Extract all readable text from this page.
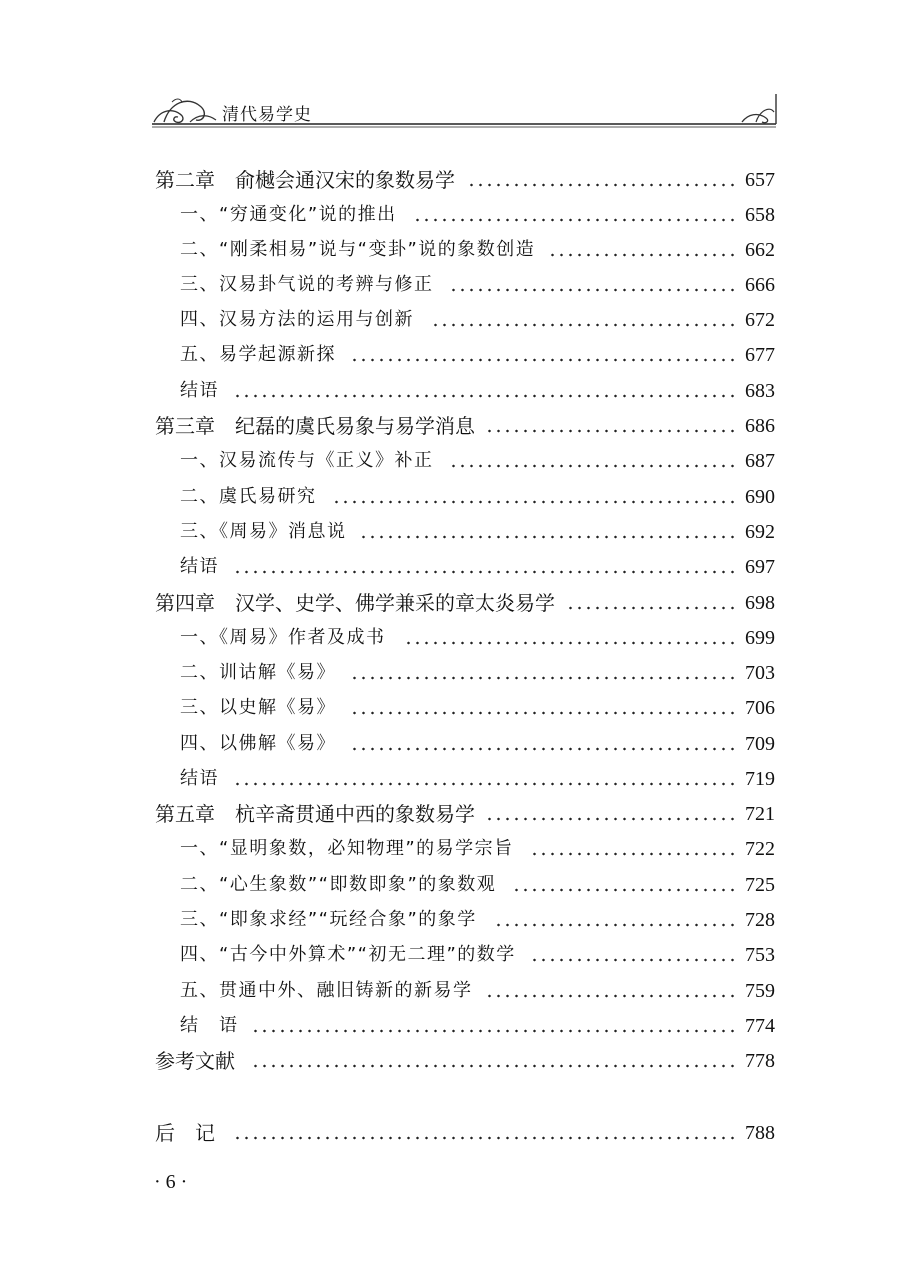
清代易学史
第二章　俞樾会通汉宋的象数易学	657
一、“穷通变化”说的推出	658
二、“刚柔相易”说与“变卦”说的象数创造	662
三、汉易卦气说的考辨与修正	666
四、汉易方法的运用与创新	672
五、易学起源新探	677
结语	683
第三章　纪磊的虞氏易象与易学消息	686
一、汉易流传与《正义》补正	687
二、虞氏易研究	690
三、《周易》消息说	692
结语	697
第四章　汉学、史学、佛学兼采的章太炎易学	698
一、《周易》作者及成书	699
二、训诂解《易》	703
三、以史解《易》	706
四、以佛解《易》	709
结语	719
第五章　杭辛斋贯通中西的象数易学	721
一、“显明象数，必知物理”的易学宗旨	722
二、“心生象数”“即数即象”的象数观	725
三、“即象求经”“玩经合象”的象学	728
四、“古今中外算术”“初无二理”的数学	753
五、贯通中外、融旧铸新的新易学	759
结　语	774
参考文献	778
后　记	788
· 6 ·
